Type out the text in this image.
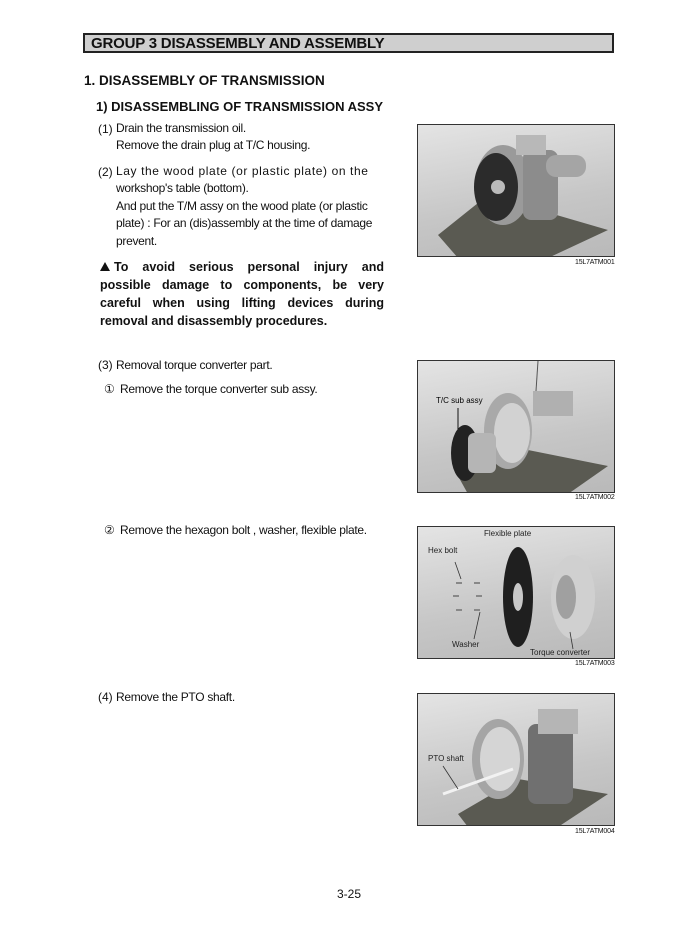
GROUP 3 DISASSEMBLY AND ASSEMBLY
1. DISASSEMBLY OF TRANSMISSION
1) DISASSEMBLING OF TRANSMISSION ASSY
(1) Drain the transmission oil.
Remove the drain plug at T/C housing.
(2) Lay the wood plate (or plastic plate) on the
workshop's table (bottom).
And put the T/M assy on the wood plate (or plastic
plate) : For an (dis)assembly at the time of damage
prevent.
To avoid serious personal injury and possible damage to components, be very careful when using lifting devices during removal and disassembly procedures.
(3) Removal torque converter part.
① Remove the torque converter sub assy.
② Remove the hexagon bolt , washer, flexible plate.
(4) Remove the PTO shaft.
15L7ATM001
T/C sub assy
15L7ATM002
Flexible plate
Hex bolt
Washer
Torque converter
15L7ATM003
PTO shaft
15L7ATM004
3-25
